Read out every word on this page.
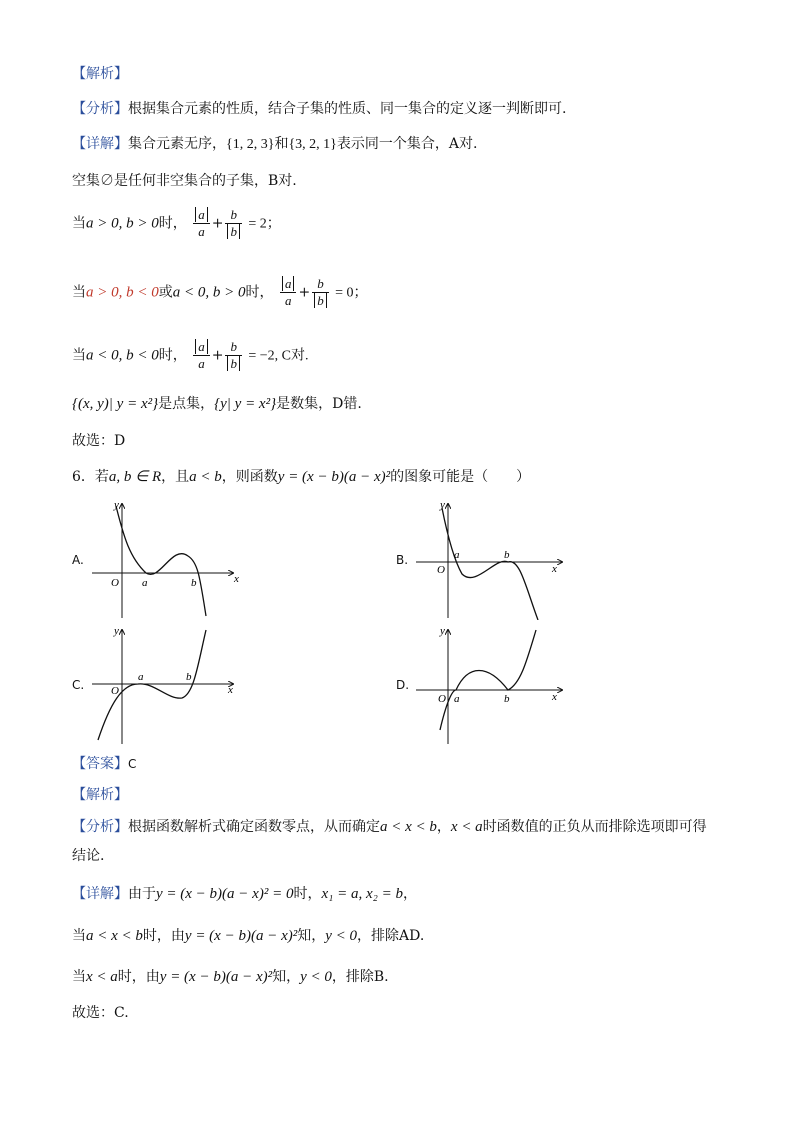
【解析】
【分析】根据集合元素的性质，结合子集的性质、同一集合的定义逐一判断即可.
【详解】集合元素无序，{1, 2, 3}和{3, 2, 1}表示同一个集合，A对.
空集∅是任何非空集合的子集，B对.
当a > 0, b > 0时， $\frac{a}{a} + \frac{b}{b} = 2$；
当a > 0, b < 0或a < 0, b > 0时， $\frac{a}{a} + \frac{b}{b} = 0$；
当a < 0, b < 0时， $\frac{a}{a} + \frac{b}{b} = -2$, C对.
{(x, y)| y = x²}是点集，{y| y = x²}是数集，D错.
故选：D
6．若a, b ∈ R，且a < b，则函数y = (x − b)(a − x)²的图象可能是（　　）
A.
y
x
O a	b
B.
y
x
O
a	b
C.
y
x
O
a	b
D.
y
x
O a	b
【答案】C
【解析】
【分析】根据函数解析式确定函数零点，从而确定a < x < b，x < a时函数值的正负从而排除选项即可得
结论.
【详解】由于y = (x − b)(a − x)² = 0时，x₁ = a, x₂ = b，
当a < x < b时，由y = (x − b)(a − x)²知，y < 0，排除AD.
当x < a时，由y = (x − b)(a − x)²知，y < 0，排除B.
故选：C.
